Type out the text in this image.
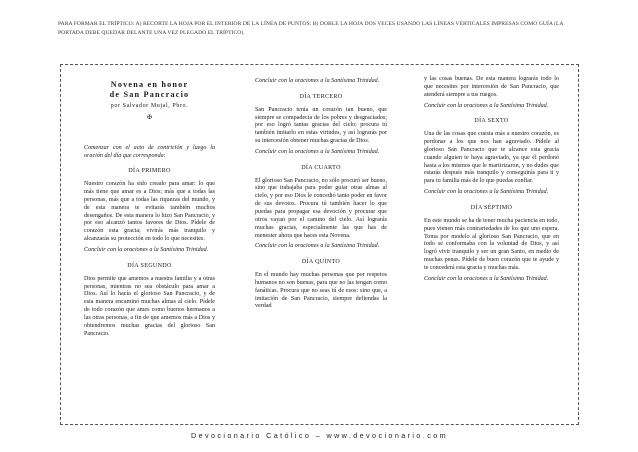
PARA FORMAR EL TRÍPTICO: A) RECORTE LA HOJA POR EL INTERIOR DE LA LÍNEA DE PUNTOS; B) DOBLE LA HOJA DOS VECES USANDO LAS LÍNEAS VERTICALES IMPRESAS COMO GUÍA (LA PORTADA DEBE QUEDAR DELANTE UNA VEZ PLEGADO EL TRÍPTICO).
Novena en honor
de San Pancracio
por Salvador Mujal, Pbro.
✠

Comenzar con el acto de contrición y luego la oración del día que corresponda:

DÍA PRIMERO

Nuestro corazón ha sido creado para amar: lo que más tiene que amar es a Dios; más que a todas las personas, más que a todas las riquezas del mundo, y de esta manera te evitarás también muchos desengaños. De esta manera lo hizo San Pancracio, y por eso alcanzó tantos favores de Dios. Pídele de corazón esta gracia; vivirás más tranquilo y alcanzarás su protección en todo lo que necesites.

Concluir con la oraciones a la Santísima Trinidad.

DÍA SEGUNDO

Dios permite que amemos a nuestra familia y a otras personas, mientras no sea obstáculo para amar a Dios. Así lo hacía el glorioso San Pancracio, y de esta manera encaminó muchas almas al cielo. Pídele de todo corazón que ames como buenos hermanos a las otras personas, a fin de que amemos más a Dios y obtendremos muchas gracias del glorioso San Pancracio.

Concluir con la oraciones a la Santísima Trinidad.

DÍA TERCERO

San Pancracio tenía un corazón tan bueno, que siempre se compadecía de los pobres y desgraciados; por eso logró tantas gracias del cielo; procura tú también imitarlo en estas virtudes, y así lograrás por su intercesión obtener muchas gracias de Dios.

Concluir con la oraciones a la Santísima Trinidad.

DÍA CUARTO

El glorioso San Pancracio, no sólo procuró ser bueno, sino que trabajaba para poder guiar otras almas al cielo, y por eso Dios le concedió tanto poder en favor de sus devotos. Procura tú también hacer lo que puedas para propagar esa devoción y procurar que otros vayan por el camino del cielo. Así lograrás muchas gracias, especialmente las que has de menester ahora que haces esta Novena.

Concluir con la oraciones a la Santísima Trinidad.

DÍA QUINTO

En el mundo hay muchas personas que por respetos humanos no son buenas, para que no las tengan como fanáticas. Procura que no seas tú de esos: sino que, a imitación de San Pancracio, siempre defiendas la verdad

y las cosas buenas. De esta manera lograrás todo lo que necesites por intercesión de San Pancracio, que atenderá siempre a tus ruegos.

Concluir con la oraciones a la Santísima Trinidad.

DÍA SEXTO

Una de las cosas que cuesta más a nuestro corazón, es perdonar a los que nos han agraviado. Pídele al glorioso San Pancracio que te alcance esta gracia cuando alguien te haya agraviado, ya que él perdonó hasta a los mismos que le martirizaron, y no dudes que estarás después más tranquilo y conseguirás para ti y para tu familia más de lo que puedas confiar.

Concluir con la oraciones a la Santísima Trinidad.

DÍA SÉPTIMO

En este mundo se ha de tener mucha paciencia en todo, pues vienen más contrariedades de los que uno espera. Toma por modelo al glorioso San Pancracio, que en todo se conformaba con la voluntad de Dios, y así logró vivir tranquilo y ser un gran Santo, en medio de muchas penas. Pídele de buen corazón que te ayude y te concederá esta gracia y muchas más.

Concluir con la oraciones a la Santísima Trinidad.

Devocionario Católico – www.devocionario.com
